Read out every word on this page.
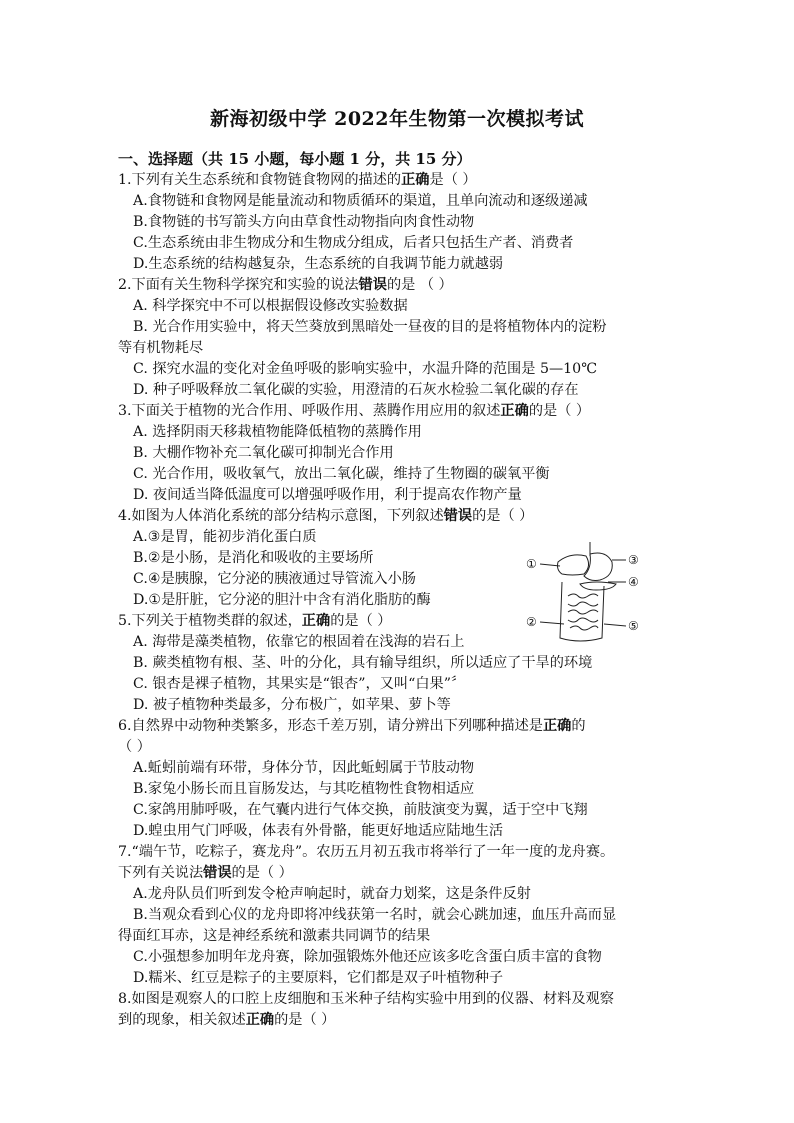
新海初级中学 2022年生物第一次模拟考试
一、选择题（共 15 小题，每小题 1 分，共 15 分）
1.下列有关生态系统和食物链食物网的描述的正确是（ ）
A.食物链和食物网是能量流动和物质循环的渠道，且单向流动和逐级递减
B.食物链的书写箭头方向由草食性动物指向肉食性动物
C.生态系统由非生物成分和生物成分组成，后者只包括生产者、消费者
D.生态系统的结构越复杂，生态系统的自我调节能力就越弱
2.下面有关生物科学探究和实验的说法错误的是 （ ）
A. 科学探究中不可以根据假设修改实验数据
B. 光合作用实验中，将天竺葵放到黑暗处一昼夜的目的是将植物体内的淀粉
等有机物耗尽
C. 探究水温的变化对金鱼呼吸的影响实验中，水温升降的范围是 5—10℃
D. 种子呼吸释放二氧化碳的实验，用澄清的石灰水检验二氧化碳的存在
3.下面关于植物的光合作用、呼吸作用、蒸腾作用应用的叙述正确的是（ ）
A. 选择阴雨天移栽植物能降低植物的蒸腾作用
B. 大棚作物补充二氧化碳可抑制光合作用
C. 光合作用，吸收氧气，放出二氧化碳，维持了生物圈的碳氧平衡
D. 夜间适当降低温度可以增强呼吸作用，利于提高农作物产量
4.如图为人体消化系统的部分结构示意图，下列叙述错误的是（ ）
A.③是胃，能初步消化蛋白质
B.②是小肠，是消化和吸收的主要场所
C.④是胰腺，它分泌的胰液通过导管流入小肠
D.①是肝脏，它分泌的胆汁中含有消化脂肪的酶
①
②
③
④
⑤
5.下列关于植物类群的叙述，正确的是（ ）
A. 海带是藻类植物，依靠它的根固着在浅海的岩石上
B. 蕨类植物有根、茎、叶的分化，具有输导组织，所以适应了干旱的环境
C. 银杏是裸子植物，其果实是“银杏”，又叫“白果”〞
D. 被子植物种类最多，分布极广，如苹果、萝卜等
6.自然界中动物种类繁多，形态千差万别，请分辨出下列哪种描述是正确的
（ ）
A.蚯蚓前端有环带，身体分节，因此蚯蚓属于节肢动物
B.家兔小肠长而且盲肠发达，与其吃植物性食物相适应
C.家鸽用肺呼吸，在气囊内进行气体交换，前肢演变为翼，适于空中飞翔
D.蝗虫用气门呼吸，体表有外骨骼，能更好地适应陆地生活
7.“端午节，吃粽子，赛龙舟”。农历五月初五我市将举行了一年一度的龙舟赛。
下列有关说法错误的是（ ）
A.龙舟队员们听到发令枪声响起时，就奋力划桨，这是条件反射
B.当观众看到心仪的龙舟即将冲线获第一名时，就会心跳加速，血压升高而显
得面红耳赤，这是神经系统和激素共同调节的结果
C.小强想参加明年龙舟赛，除加强锻炼外他还应该多吃含蛋白质丰富的食物
D.糯米、红豆是粽子的主要原料，它们都是双子叶植物种子
8.如图是观察人的口腔上皮细胞和玉米种子结构实验中用到的仪器、材料及观察
到的现象，相关叙述正确的是（ ）
